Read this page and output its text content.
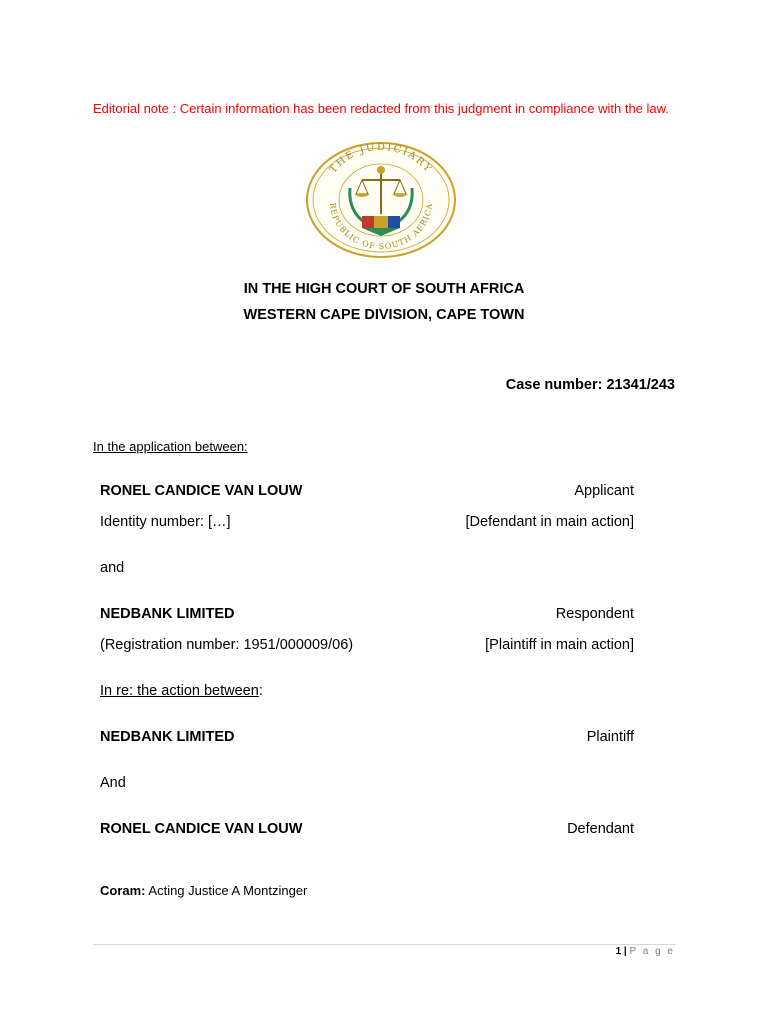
Editorial note : Certain information has been redacted from this judgment in compliance with the law.
THE JUDICIARY
REPUBLIC OF SOUTH AFRICA
IN THE HIGH COURT OF SOUTH AFRICA
WESTERN CAPE DIVISION, CAPE TOWN
Case number: 21341/243
In the application between:
RONEL CANDICE VAN LOUW	Applicant
Identity number: […]	[Defendant in main action]
and
NEDBANK LIMITED	Respondent
(Registration number: 1951/000009/06)	[Plaintiff in main action]
In re: the action between:
NEDBANK LIMITED	Plaintiff
And
RONEL CANDICE VAN LOUW	Defendant
Coram: Acting Justice A Montzinger
1 | P a g e
